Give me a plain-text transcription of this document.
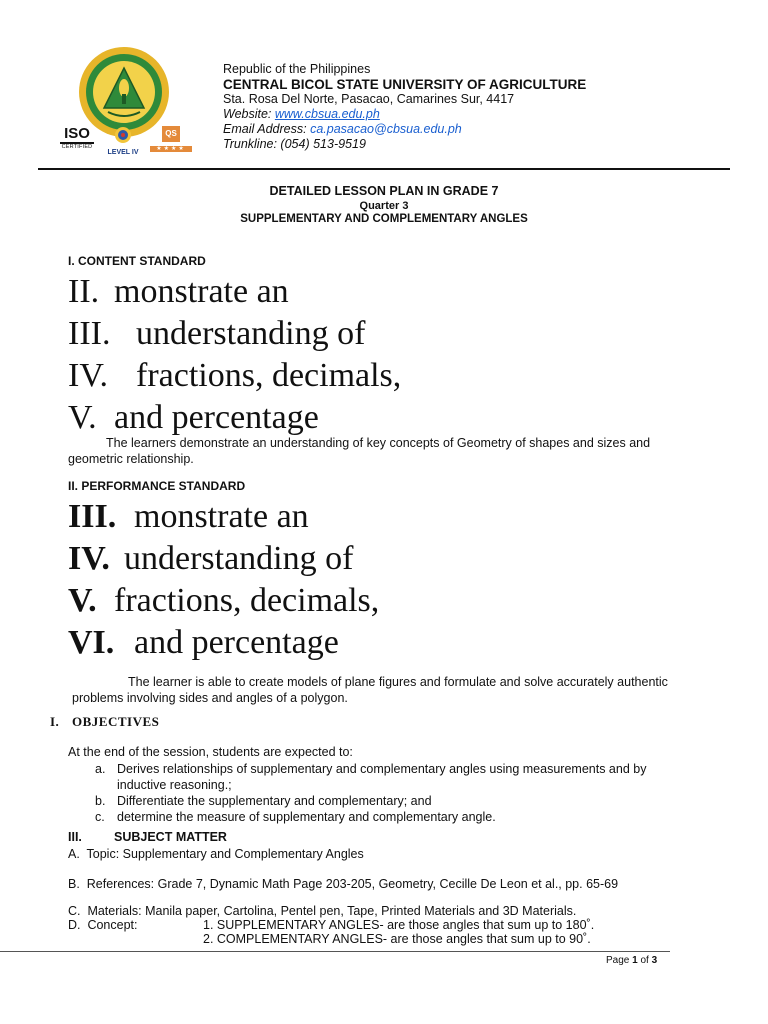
ISO
CERTIFIED
LEVEL IV
QS
★★★★
Republic of the Philippines
CENTRAL BICOL STATE UNIVERSITY OF AGRICULTURE
Sta. Rosa Del Norte, Pasacao, Camarines Sur, 4417
Website: www.cbsua.edu.ph
Email Address: ca.pasacao@cbsua.edu.ph
Trunkline: (054) 513-9519
DETAILED LESSON PLAN IN GRADE 7
Quarter 3
SUPPLEMENTARY AND COMPLEMENTARY ANGLES
I. CONTENT STANDARD
II. monstrate an
III. understanding of
IV. fractions, decimals,
V. and percentage
The learners demonstrate an understanding of key concepts of Geometry of shapes and sizes and
geometric relationship.
II. PERFORMANCE STANDARD
III. monstrate an
IV. understanding of
V. fractions, decimals,
VI. and percentage
The learner is able to create models of plane figures and formulate and solve accurately authentic
problems involving sides and angles of a polygon.
I. OBJECTIVES
At the end of the session, students are expected to:
a. Derives relationships of supplementary and complementary angles using measurements and by
inductive reasoning.;
b. Differentiate the supplementary and complementary; and
c. determine the measure of supplementary and complementary angle.
III.	SUBJECT MATTER
A.  Topic: Supplementary and Complementary Angles
B.  References: Grade 7, Dynamic Math Page 203-205, Geometry, Cecille De Leon et al., pp. 65-69
C.  Materials: Manila paper, Cartolina, Pentel pen, Tape, Printed Materials and 3D Materials.
D.  Concept:	1. SUPPLEMENTARY ANGLES- are those angles that sum up to 180˚.
2. COMPLEMENTARY ANGLES- are those angles that sum up to 90˚.
Page 1 of 3
